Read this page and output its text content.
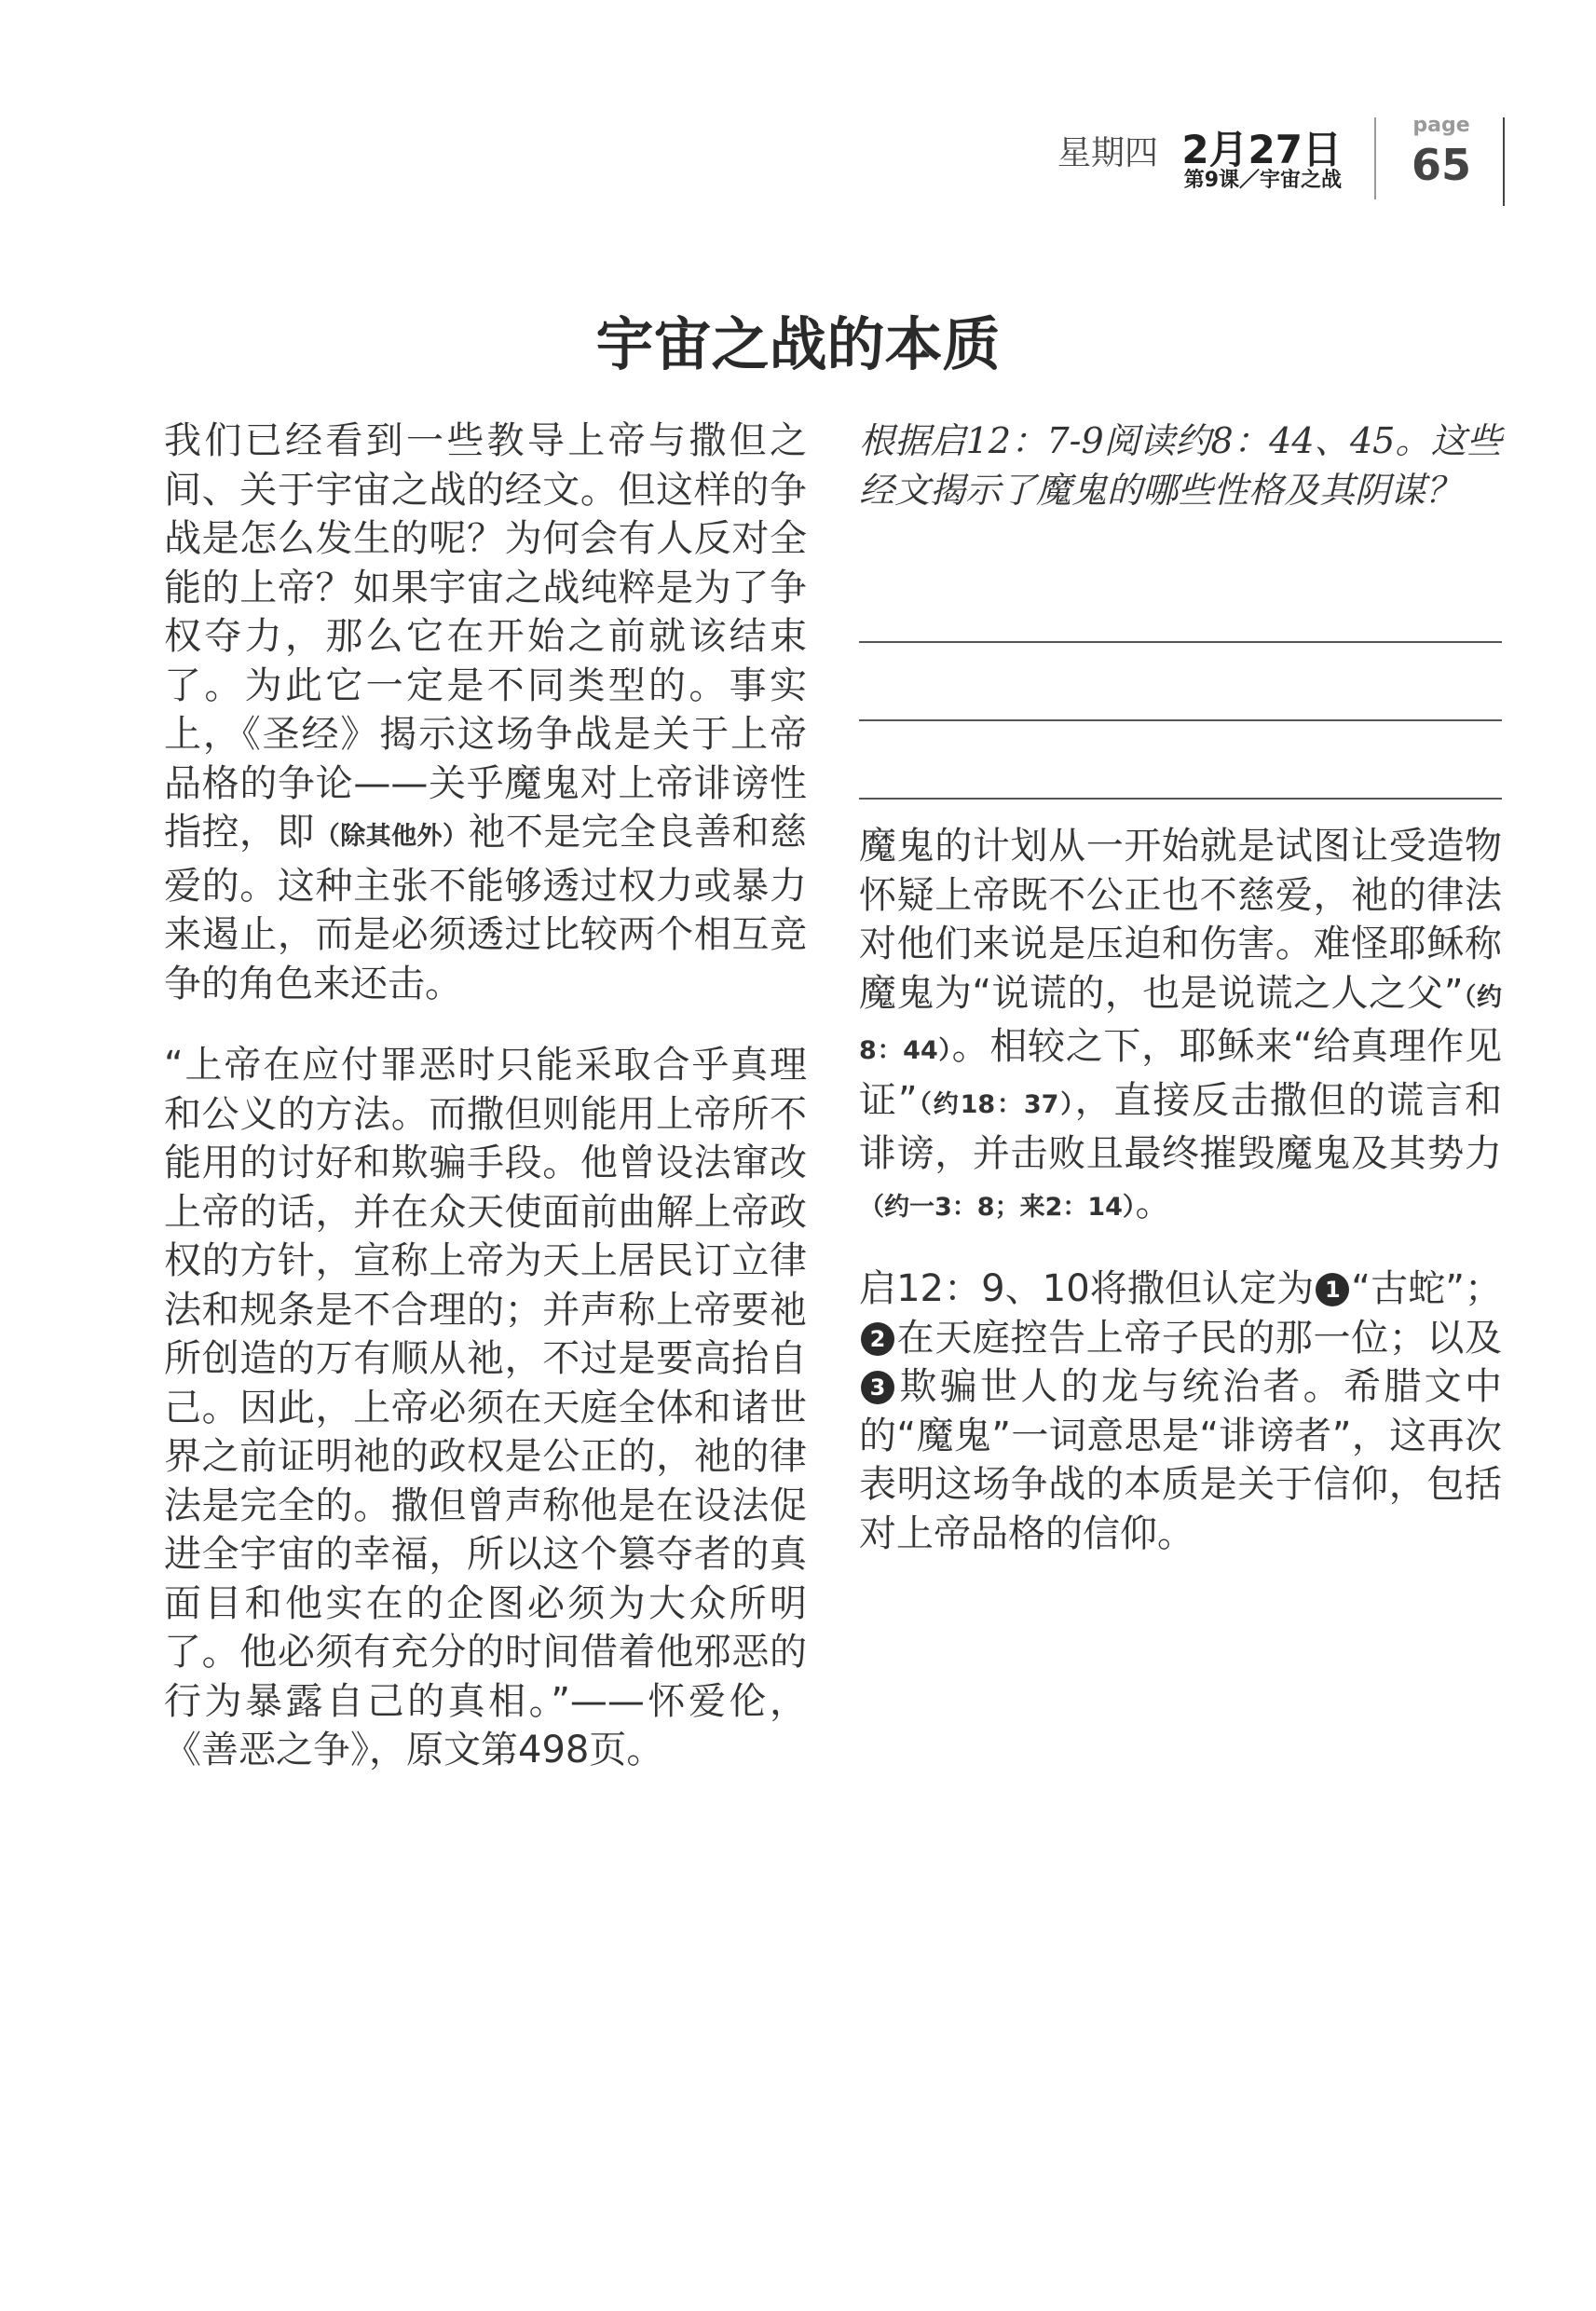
星期四 2月27日
第9课／宇宙之战
page
65
宇宙之战的本质

我们已经看到一些教导上帝与撒但之间、关于宇宙之战的经文。但这样的争战是怎么发生的呢？为何会有人反对全能的上帝？如果宇宙之战纯粹是为了争权夺力，那么它在开始之前就该结束了。为此它一定是不同类型的。事实上，《圣经》揭示这场争战是关于上帝品格的争论——关乎魔鬼对上帝诽谤性指控，即（除其他外）祂不是完全良善和慈爱的。这种主张不能够透过权力或暴力来遏止，而是必须透过比较两个相互竞争的角色来还击。

“上帝在应付罪恶时只能采取合乎真理和公义的方法。而撒但则能用上帝所不能用的讨好和欺骗手段。他曾设法窜改上帝的话，并在众天使面前曲解上帝政权的方针，宣称上帝为天上居民订立律法和规条是不合理的；并声称上帝要祂所创造的万有顺从祂，不过是要高抬自己。因此，上帝必须在天庭全体和诸世界之前证明祂的政权是公正的，祂的律法是完全的。撒但曾声称他是在设法促进全宇宙的幸福，所以这个篡夺者的真面目和他实在的企图必须为大众所明了。他必须有充分的时间借着他邪恶的行为暴露自己的真相。”——怀爱伦，《善恶之争》，原文第498页。

根据启12：7-9阅读约8：44、45。这些经文揭示了魔鬼的哪些性格及其阴谋？

魔鬼的计划从一开始就是试图让受造物怀疑上帝既不公正也不慈爱，祂的律法对他们来说是压迫和伤害。难怪耶稣称魔鬼为“说谎的，也是说谎之人之父”（约8：44）。相较之下，耶稣来“给真理作见证”（约18：37），直接反击撒但的谎言和诽谤，并击败且最终摧毁魔鬼及其势力（约一3：8；来2：14）。

启12：9、10将撒但认定为 1 “古蛇”；2 在天庭控告上帝子民的那一位；以及3 欺骗世人的龙与统治者。希腊文中的“魔鬼”一词意思是“诽谤者”，这再次表明这场争战的本质是关于信仰，包括对上帝品格的信仰。
